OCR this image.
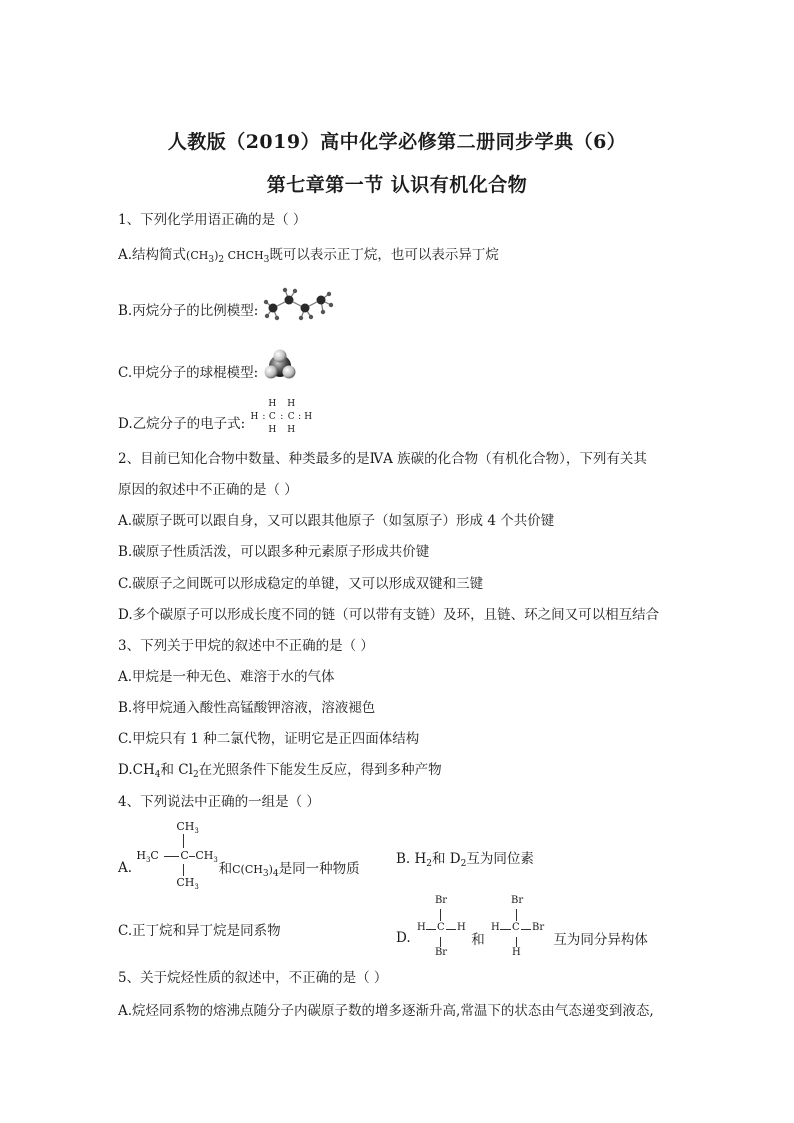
人教版（2019）高中化学必修第二册同步学典（6）
第七章第一节 认识有机化合物
1、下列化学用语正确的是（ ）
A.结构简式$(CH_3)_2$ $CHCH_3$既可以表示正丁烷，也可以表示异丁烷
B.丙烷分子的比例模型:
C.甲烷分子的球棍模型:
D.乙烷分子的电子式:
		H		H		
H	:	C	:	C	:	H
		H		H		
2、目前已知化合物中数量、种类最多的是ⅣA 族碳的化合物（有机化合物），下列有关其
原因的叙述中不正确的是（ ）
A.碳原子既可以跟自身，又可以跟其他原子（如氢原子）形成 4 个共价键
B.碳原子性质活泼，可以跟多种元素原子形成共价键
C.碳原子之间既可以形成稳定的单键，又可以形成双键和三键
D.多个碳原子可以形成长度不同的链（可以带有支链）及环，且链、环之间又可以相互结合
3、下列关于甲烷的叙述中不正确的是（ ）
A.甲烷是一种无色、难溶于水的气体
B.将甲烷通入酸性高锰酸钾溶液，溶液褪色
C.甲烷只有 1 种二氯代物，证明它是正四面体结构
$D.CH_4$和 $Cl_2$在光照条件下能发生反应，得到多种产物
4、下列说法中正确的一组是（ ）
A.
$CH_3$
$H_3C$ C $CH_3$
$CH_3$
和$C(CH_3)_4$是同一种物质
B. $H_2$和 $D_2$互为同位素
C.正丁烷和异丁烷是同系物	D.
Br
H C H
Br
和
Br
H C Br
H
互为同分异构体
5、关于烷烃性质的叙述中，不正确的是（ ）
A.烷烃同系物的熔沸点随分子内碳原子数的增多逐渐升高,常温下的状态由气态递变到液态,
